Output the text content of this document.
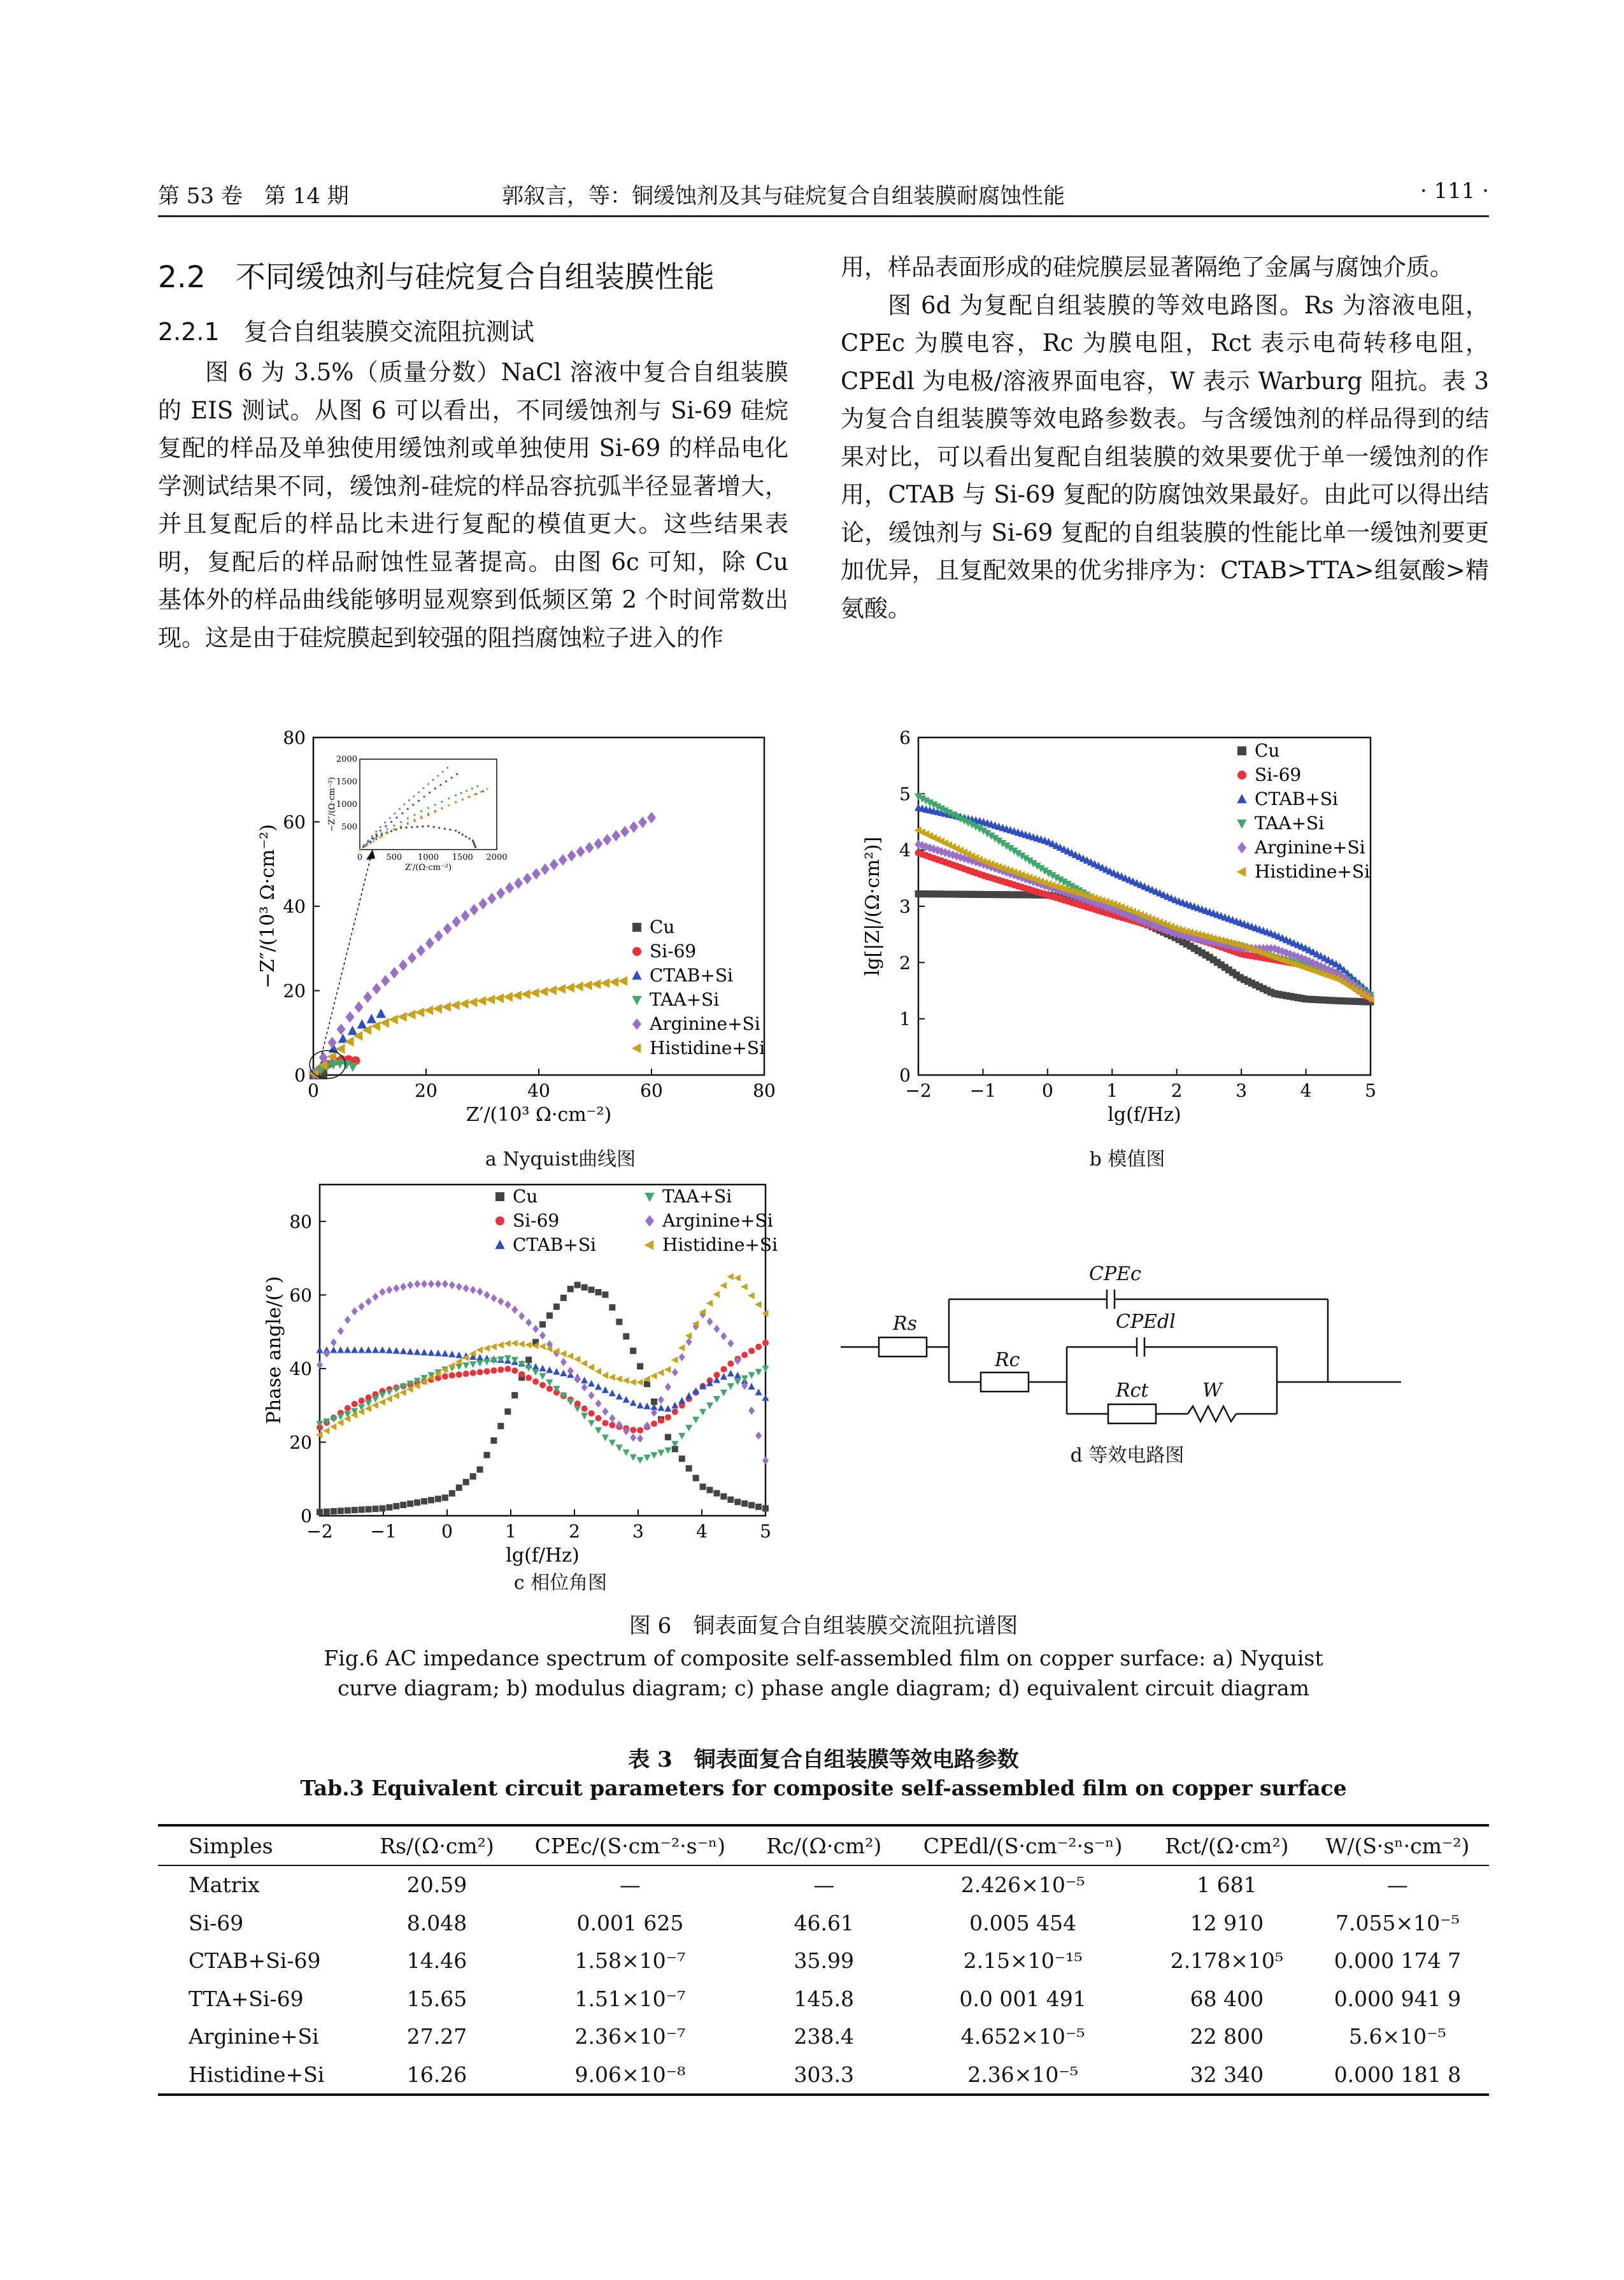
第 53 卷　第 14 期	郭叙言，等：铜缓蚀剂及其与硅烷复合自组装膜耐腐蚀性能	· 111 ·
2.2　 不同缓蚀剂与硅烷复合自组装膜性能
2.2.1　 复合自组装膜交流阻抗测试

图 6 为 3.5%（质量分数）NaCl 溶液中复合自组装膜的 EIS 测试。从图 6 可以看出，不同缓蚀剂与 Si-69 硅烷复配的样品及单独使用缓蚀剂或单独使用 Si-69 的样品电化学测试结果不同，缓蚀剂-硅烷的样品容抗弧半径显著增大，并且复配后的样品比未进行复配的模值更大。这些结果表明，复配后的样品耐蚀性显著提高。由图 6c 可知，除 Cu 基体外的样品曲线能够明显观察到低频区第 2 个时间常数出现。这是由于硅烷膜起到较强的阻挡腐蚀粒子进入的作

用，样品表面形成的硅烷膜层显著隔绝了金属与腐蚀介质。

图 6d 为复配自组装膜的等效电路图。Rs 为溶液电阻，CPEc 为膜电容，Rc 为膜电阻，Rct 表示电荷转移电阻，CPEdl 为电极/溶液界面电容，W 表示 Warburg 阻抗。表 3 为复合自组装膜等效电路参数表。与含缓蚀剂的样品得到的结果对比，可以看出复配自组装膜的效果要优于单一缓蚀剂的作用，CTAB 与 Si-69 复配的防腐蚀效果最好。由此可以得出结论，缓蚀剂与 Si-69 复配的自组装膜的性能比单一缓蚀剂要更加优异，且复配效果的优劣排序为：CTAB>TTA>组氨酸>精氨酸。

0	20	40	60	80
0
20
40
60
80
Z′/(10³ Ω·cm⁻²)
−Z″/(10³ Ω·cm⁻²)	Cu
Si-69
CTAB+Si
TAA+Si
Arginine+Si
Histidine+Si
0	500 1000 1500 2000
500
1000
1500
2000
Z′/(Ω·cm⁻²)
−Z″/(Ω·cm⁻²)
a Nyquist曲线图
−2 −1	0	1	2	3	4	5
0
1
2
3
4
5
6
lg(f/Hz)
lg[|Z|/(Ω·cm²)]
Cu
Si-69
CTAB+Si
TAA+Si
Arginine+Si
Histidine+Si
b 模值图
−2 −1	0	1	2	3	4	5
0
20
40
60
80
lg(f/Hz)
Phase angle/(°)
Cu
Si-69
CTAB+Si
TAA+Si
Arginine+Si
Histidine+Si
c 相位角图
Rs
Rc
Rct	W
CPEc
CPEdl
d 等效电路图
图 6　铜表面复合自组装膜交流阻抗谱图
Fig.6 AC impedance spectrum of composite self-assembled film on copper surface: a) Nyquist curve diagram; b) modulus diagram; c) phase angle diagram; d) equivalent circuit diagram
表 3　铜表面复合自组装膜等效电路参数
Tab.3 Equivalent circuit parameters for composite self-assembled film on copper surface
Simples	Rs/(Ω·cm²)	CPEc/(S·cm⁻²·s⁻ⁿ)	Rc/(Ω·cm²)	CPEdl/(S·cm⁻²·s⁻ⁿ)	Rct/(Ω·cm²)	W/(S·sⁿ·cm⁻²)
Matrix	20.59	—	—	2.426×10⁻⁵	1 681	—
Si-69	8.048	0.001 625	46.61	0.005 454	12 910	7.055×10⁻⁵
CTAB+Si-69	14.46	1.58×10⁻⁷	35.99	2.15×10⁻¹⁵	2.178×10⁵	0.000 174 7
TTA+Si-69	15.65	1.51×10⁻⁷	145.8	0.0 001 491	68 400	0.000 941 9
Arginine+Si	27.27	2.36×10⁻⁷	238.4	4.652×10⁻⁵	22 800	5.6×10⁻⁵
Histidine+Si	16.26	9.06×10⁻⁸	303.3	2.36×10⁻⁵	32 340	0.000 181 8
